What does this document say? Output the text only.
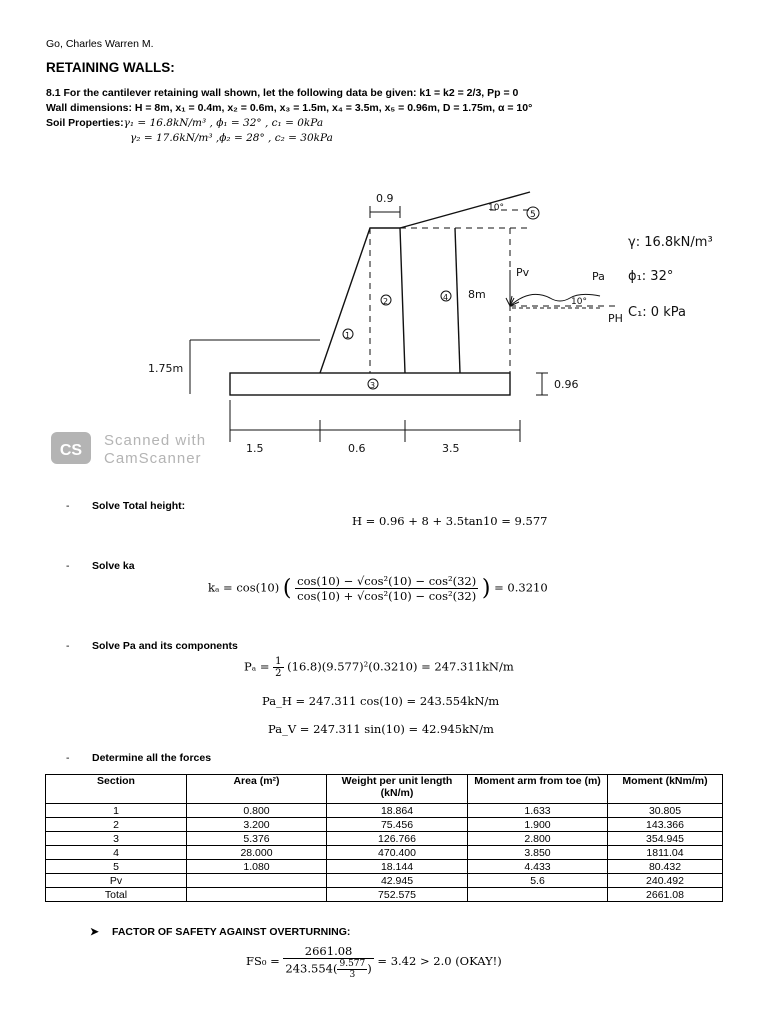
Go, Charles Warren M.
RETAINING WALLS:
8.1 For the cantilever retaining wall shown, let the following data be given: k1 = k2 = 2/3, Pp = 0
Wall dimensions: H = 8m, x₁ = 0.4m, x₂ = 0.6m, x₃ = 1.5m, x₄ = 3.5m, x₅ = 0.96m, D = 1.75m, α = 10°
Soil Properties:γ₁ = 16.8kN/m³ , ϕ₁ = 32° , c₁ = 0kPa
γ₂ = 17.6kN/m³ ,ϕ₂ = 28° , c₂ = 30kPa
0.9
10°
5
1
2
3
4 8m
1.75m
0.96
1.5	0.6	3.5
Pv	Pa
PH
10°
γ: 16.8kN/m³
ϕ₁: 32°
C₁: 0 kPa
CS
Scanned with
CamScanner
- Solve Total height:
H = 0.96 + 8 + 3.5tan10 = 9.577
- Solve ka
kₐ = cos(10) ( $\frac{\text{cos(10) − √cos²(10) − cos²(32)}}{\text{cos(10) + √cos²(10) − cos²(32)}}$ ) = 0.3210
- Solve Pa and its components
$P_a = \frac{1}{2} (16.8)(9.577)^2(0.3210) = 247.311kN/m$
Pa_H = 247.311 cos(10) = 243.554kN/m
Pa_V = 247.311 sin(10) = 42.945kN/m
- Determine all the forces
Section	Area (m²)	Weight per unit length (kN/m)	Moment arm from toe (m)	Moment (kNm/m)
1	0.800	18.864	1.633	30.805
2	3.200	75.456	1.900	143.366
3	5.376	126.766	2.800	354.945
4	28.000	470.400	3.850	1811.04
5	1.080	18.144	4.433	80.432
Pv		42.945	5.6	240.492
Total		752.575		2661.08
➤ FACTOR OF SAFETY AGAINST OVERTURNING:
$FS_0 = \frac{2661.08}{243.554( \frac{9.577}{3} )} = 3.42 > 2.0$ (OKAY!)
